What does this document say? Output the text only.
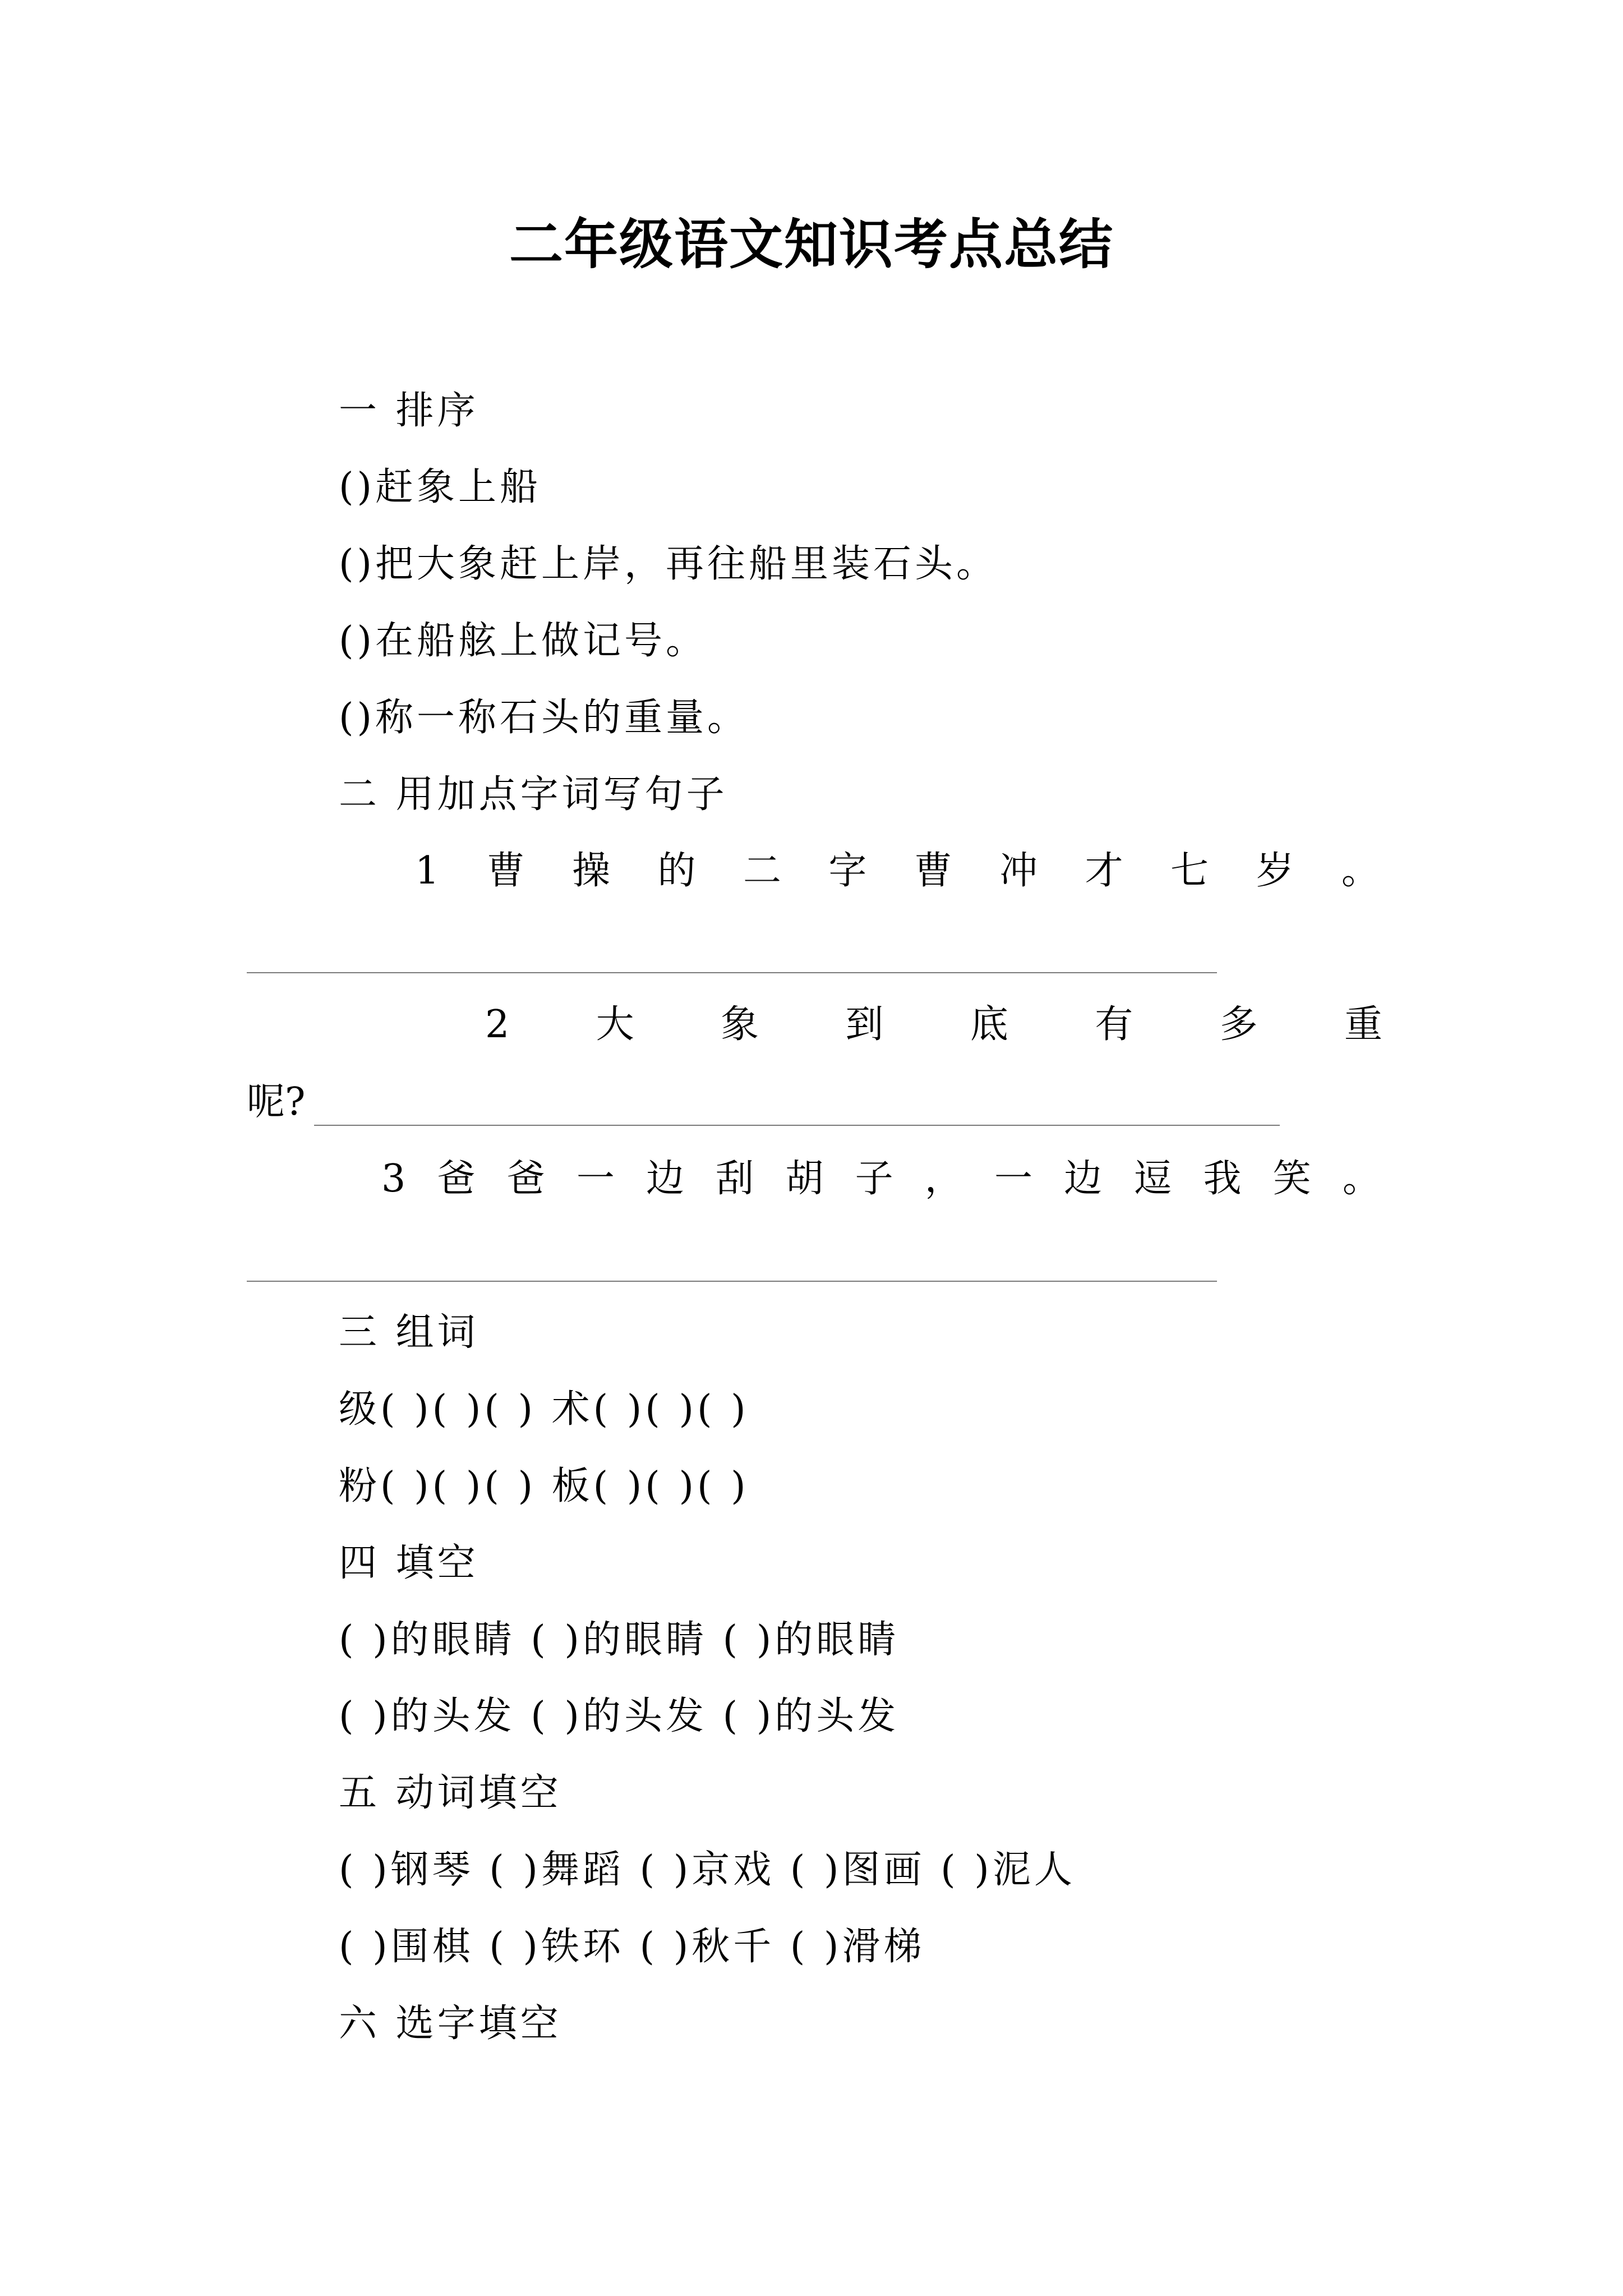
二年级语文知识考点总结
一 排序
()赶象上船
()把大象赶上岸，再往船里装石头。
()在船舷上做记号。
()称一称石头的重量。
二 用加点字词写句子
1 曹 操 的 二 字 曹 冲 才 七 岁 。
2 大 象 到 底 有 多 重
呢?
3 爸 爸 一 边 刮 胡 子 ， 一 边 逗 我 笑 。
三 组词
级( )( )( ) 术( )( )( )
粉( )( )( ) 板( )( )( )
四 填空
( )的眼睛 ( )的眼睛 ( )的眼睛
( )的头发 ( )的头发 ( )的头发
五 动词填空
( )钢琴 ( )舞蹈 ( )京戏 ( )图画 ( )泥人
( )围棋 ( )铁环 ( )秋千 ( )滑梯
六 选字填空
